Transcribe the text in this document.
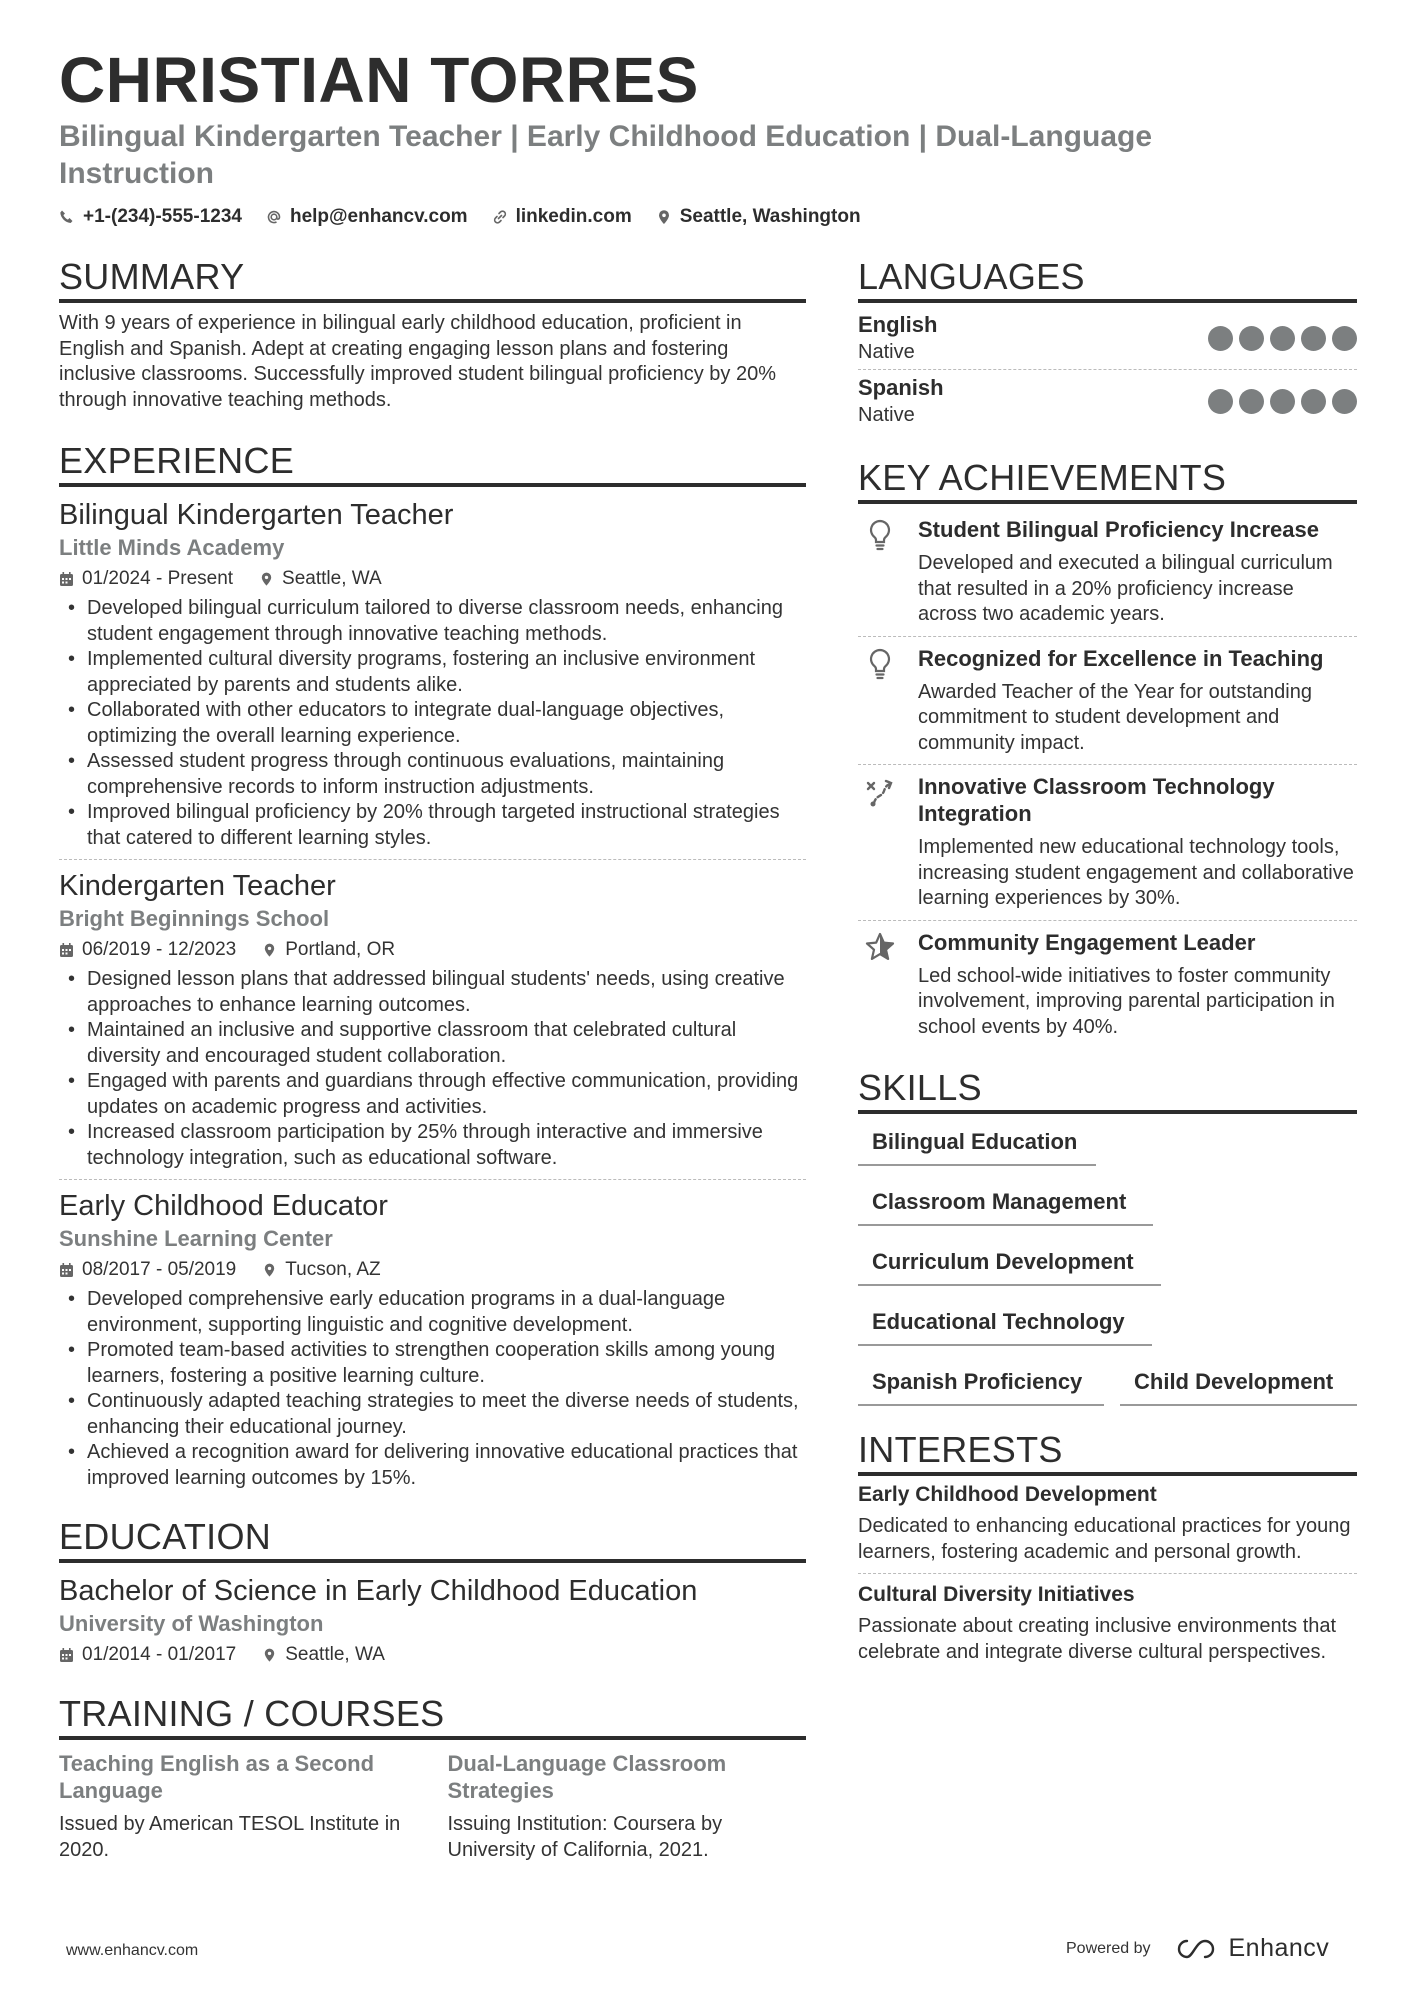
CHRISTIAN TORRES
Bilingual Kindergarten Teacher | Early Childhood Education | Dual-Language Instruction
+1-(234)-555-1234	help@enhancv.com	linkedin.com	Seattle, Washington
SUMMARY
With 9 years of experience in bilingual early childhood education, proficient in English and Spanish. Adept at creating engaging lesson plans and fostering inclusive classrooms. Successfully improved student bilingual proficiency by 20% through innovative teaching methods.
EXPERIENCE
Bilingual Kindergarten Teacher
Little Minds Academy
01/2024 - Present	Seattle, WA
• Developed bilingual curriculum tailored to diverse classroom needs, enhancing student engagement through innovative teaching methods.
• Implemented cultural diversity programs, fostering an inclusive environment appreciated by parents and students alike.
• Collaborated with other educators to integrate dual-language objectives, optimizing the overall learning experience.
• Assessed student progress through continuous evaluations, maintaining comprehensive records to inform instruction adjustments.
• Improved bilingual proficiency by 20% through targeted instructional strategies that catered to different learning styles.
Kindergarten Teacher
Bright Beginnings School
06/2019 - 12/2023	Portland, OR
• Designed lesson plans that addressed bilingual students' needs, using creative approaches to enhance learning outcomes.
• Maintained an inclusive and supportive classroom that celebrated cultural diversity and encouraged student collaboration.
• Engaged with parents and guardians through effective communication, providing updates on academic progress and activities.
• Increased classroom participation by 25% through interactive and immersive technology integration, such as educational software.
Early Childhood Educator
Sunshine Learning Center
08/2017 - 05/2019	Tucson, AZ
• Developed comprehensive early education programs in a dual-language environment, supporting linguistic and cognitive development.
• Promoted team-based activities to strengthen cooperation skills among young learners, fostering a positive learning culture.
• Continuously adapted teaching strategies to meet the diverse needs of students, enhancing their educational journey.
• Achieved a recognition award for delivering innovative educational practices that improved learning outcomes by 15%.
EDUCATION
Bachelor of Science in Early Childhood Education
University of Washington
01/2014 - 01/2017	Seattle, WA
TRAINING / COURSES
Teaching English as a Second Language
Issued by American TESOL Institute in 2020.
Dual-Language Classroom Strategies
Issuing Institution: Coursera by University of California, 2021.
LANGUAGES
English
Native
Spanish
Native
KEY ACHIEVEMENTS
Student Bilingual Proficiency Increase
Developed and executed a bilingual curriculum that resulted in a 20% proficiency increase across two academic years.
Recognized for Excellence in Teaching
Awarded Teacher of the Year for outstanding commitment to student development and community impact.
Innovative Classroom Technology Integration
Implemented new educational technology tools, increasing student engagement and collaborative learning experiences by 30%.
Community Engagement Leader
Led school-wide initiatives to foster community involvement, improving parental participation in school events by 40%.
SKILLS
Bilingual Education
Classroom Management
Curriculum Development
Educational Technology
Spanish Proficiency	Child Development
INTERESTS
Early Childhood Development
Dedicated to enhancing educational practices for young learners, fostering academic and personal growth.
Cultural Diversity Initiatives
Passionate about creating inclusive environments that celebrate and integrate diverse cultural perspectives.
www.enhancv.com	Powered by	Enhancv
